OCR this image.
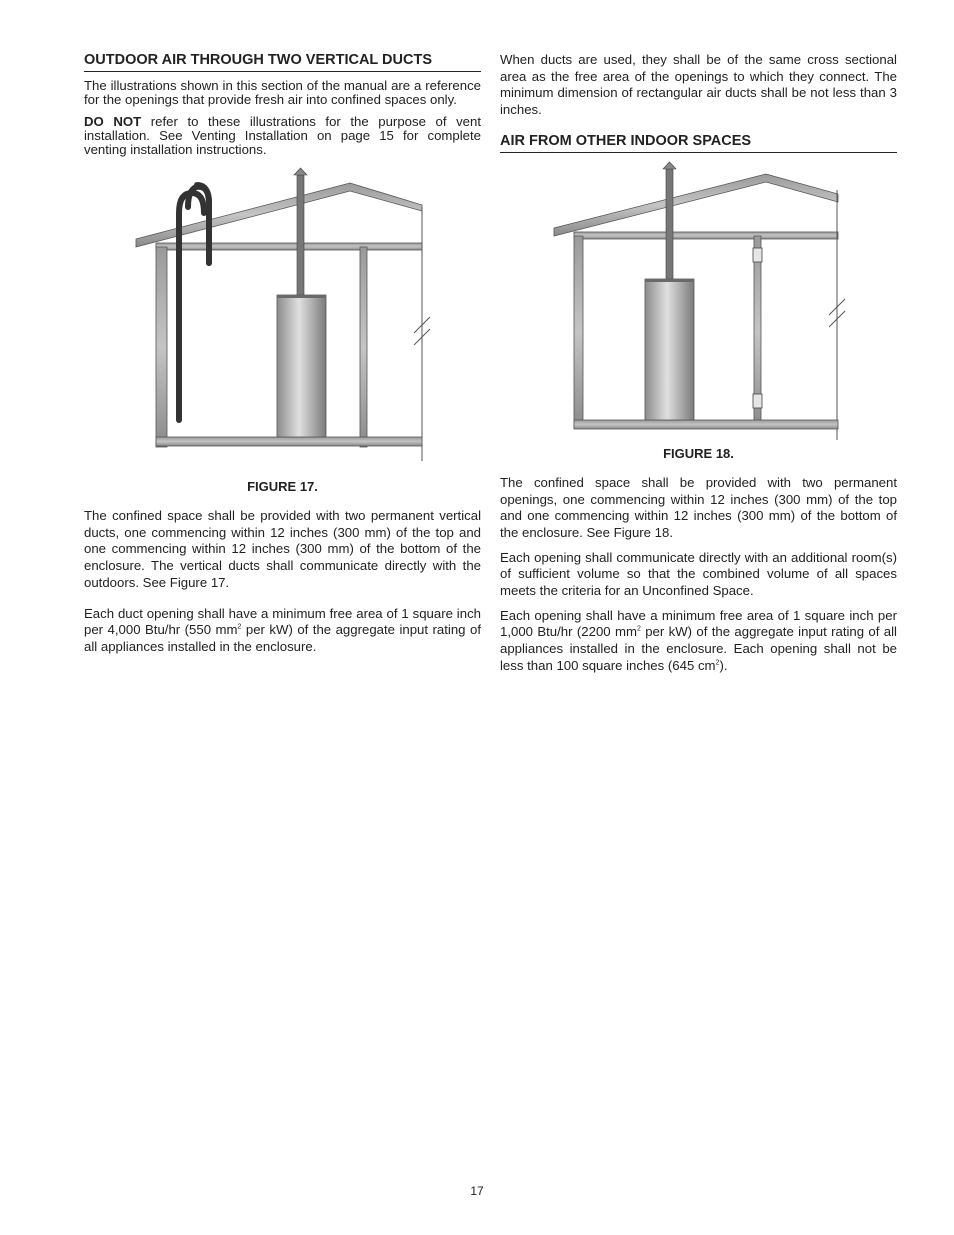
OUTDOOR AIR THROUGH TWO VERTICAL DUCTS

The illustrations shown in this section of the manual are a reference for the openings that provide fresh air into confined spaces only.

DO NOT refer to these illustrations for the purpose of vent installation. See Venting Installation on page 15 for complete venting installation instructions.

FIGURE 17.

The confined space shall be provided with two permanent vertical ducts, one commencing within 12 inches (300 mm) of the top and one commencing within 12 inches (300 mm) of the bottom of the enclosure. The vertical ducts shall communicate directly with the outdoors. See Figure 17.

Each duct opening shall have a minimum free area of 1 square inch per 4,000 Btu/hr (550 $mm^2$ per kW) of the aggregate input rating of all appliances installed in the enclosure.

When ducts are used, they shall be of the same cross sectional area as the free area of the openings to which they connect. The minimum dimension of rectangular air ducts shall be not less than 3 inches.

AIR FROM OTHER INDOOR SPACES
FIGURE 18.

The confined space shall be provided with two permanent openings, one commencing within 12 inches (300 mm) of the top and one commencing within 12 inches (300 mm) of the bottom of the enclosure. See Figure 18.

Each opening shall communicate directly with an additional room(s) of sufficient volume so that the combined volume of all spaces meets the criteria for an Unconfined Space.

Each opening shall have a minimum free area of 1 square inch per 1,000 Btu/hr (2200 $mm^2$ per kW) of the aggregate input rating of all appliances installed in the enclosure. Each opening shall not be less than 100 square inches (645 $cm^2$).

17
